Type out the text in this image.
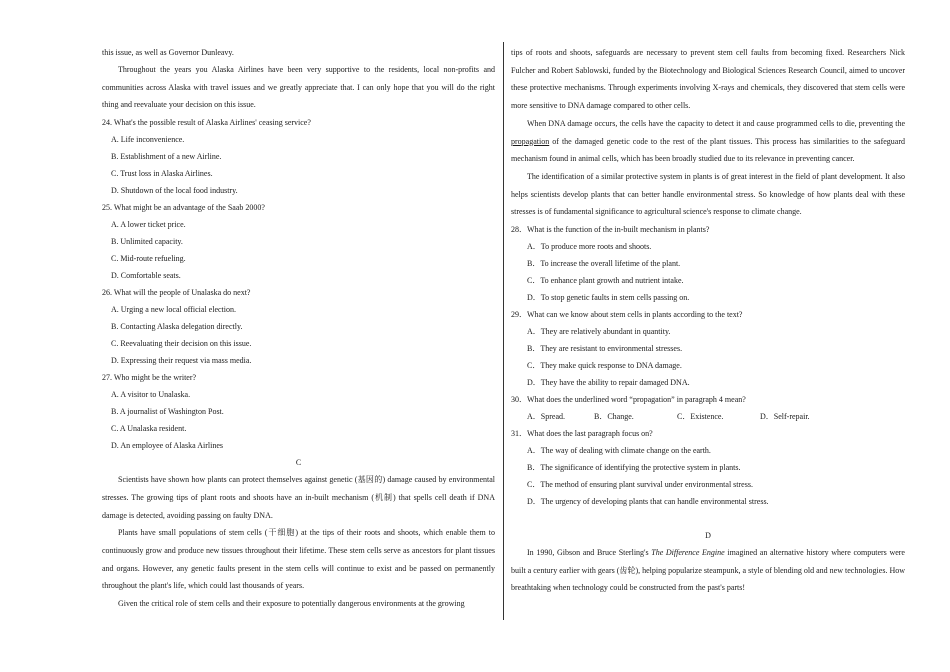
this issue, as well as Governor Dunleavy.

Throughout the years you Alaska Airlines have been very supportive to the residents, local non-profits and communities across Alaska with travel issues and we greatly appreciate that. I can only hope that you will do the right thing and reevaluate your decision on this issue.

24. What's the possible result of Alaska Airlines' ceasing service?

A. Life inconvenience.

B. Establishment of a new Airline.

C. Trust loss in Alaska Airlines.

D. Shutdown of the local food industry.

25. What might be an advantage of the Saab 2000?

A. A lower ticket price.

B. Unlimited capacity.

C. Mid-route refueling.

D. Comfortable seats.

26. What will the people of Unalaska do next?

A. Urging a new local official election.

B. Contacting Alaska delegation directly.

C. Reevaluating their decision on this issue.

D. Expressing their request via mass media.

27. Who might be the writer?

A. A visitor to Unalaska.

B. A journalist of Washington Post.

C. A Unalaska resident.

D. An employee of Alaska Airlines

C

Scientists have shown how plants can protect themselves against genetic (基因的) damage caused by environmental stresses. The growing tips of plant roots and shoots have an in-built mechanism (机制) that spells cell death if DNA damage is detected, avoiding passing on faulty DNA.

Plants have small populations of stem cells (干细胞) at the tips of their roots and shoots, which enable them to continuously grow and produce new tissues throughout their lifetime. These stem cells serve as ancestors for plant tissues and organs. However, any genetic faults present in the stem cells will continue to exist and be passed on permanently throughout the plant's life, which could last thousands of years.

Given the critical role of stem cells and their exposure to potentially dangerous environments at the growing

tips of roots and shoots, safeguards are necessary to prevent stem cell faults from becoming fixed. Researchers Nick Fulcher and Robert Sablowski, funded by the Biotechnology and Biological Sciences Research Council, aimed to uncover these protective mechanisms. Through experiments involving X-rays and chemicals, they discovered that stem cells were more sensitive to DNA damage compared to other cells.

When DNA damage occurs, the cells have the capacity to detect it and cause programmed cells to die, preventing the propagation of the damaged genetic code to the rest of the plant tissues. This process has similarities to the safeguard mechanism found in animal cells, which has been broadly studied due to its relevance in preventing cancer.

The identification of a similar protective system in plants is of great interest in the field of plant development. It also helps scientists develop plants that can better handle environmental stress. So knowledge of how plants deal with these stresses is of fundamental significance to agricultural science's response to climate change.

28．What is the function of the in-built mechanism in plants?

A．To produce more roots and shoots.

B．To increase the overall lifetime of the plant.

C．To enhance plant growth and nutrient intake.

D．To stop genetic faults in stem cells passing on.

29．What can we know about stem cells in plants according to the text?

A．They are relatively abundant in quantity.

B．They are resistant to environmental stresses.

C．They make quick response to DNA damage.

D．They have the ability to repair damaged DNA.

30．What does the underlined word “propagation” in paragraph 4 mean?

A．Spread.	B．Change.	C．Existence.	D．Self-repair.

31．What does the last paragraph focus on?

A．The way of dealing with climate change on the earth.

B．The significance of identifying the protective system in plants.

C．The method of ensuring plant survival under environmental stress.

D．The urgency of developing plants that can handle environmental stress.

D

In 1990, Gibson and Bruce Sterling's The Difference Engine imagined an alternative history where computers were built a century earlier with gears (齿轮), helping popularize steampunk, a style of blending old and new technologies. How breathtaking when technology could be constructed from the past's parts!
